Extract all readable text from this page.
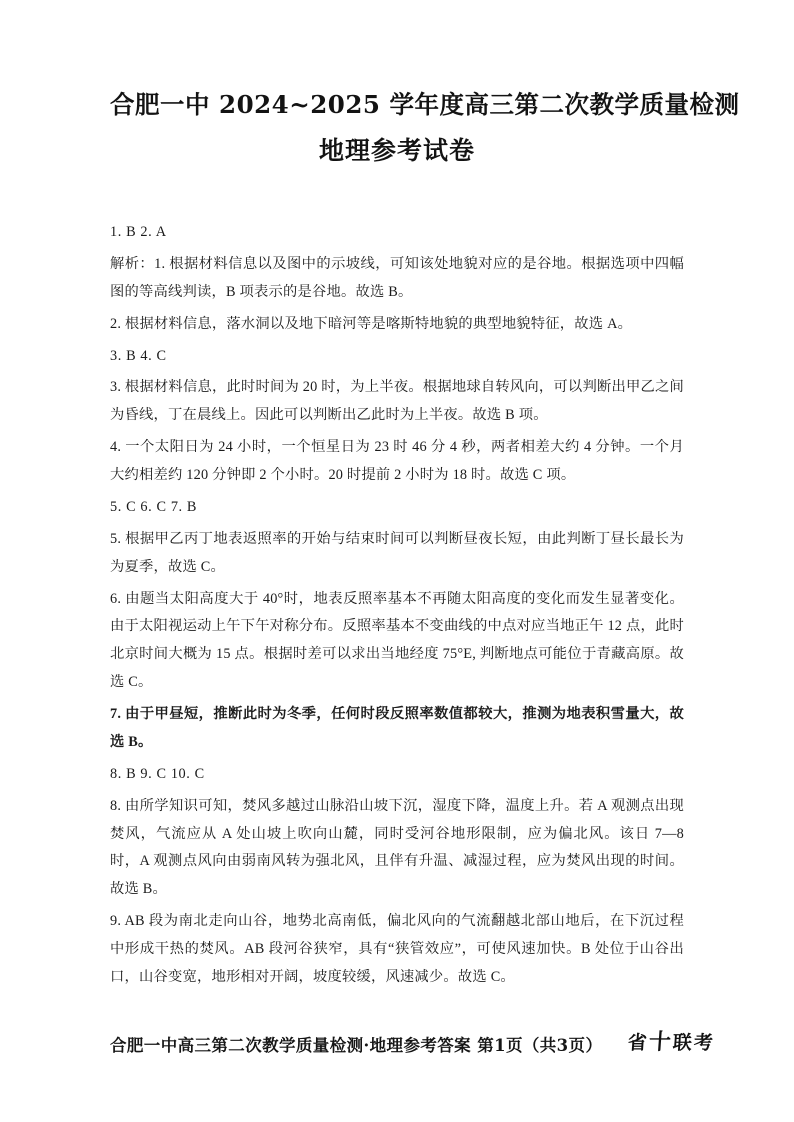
合肥一中 2024~2025 学年度高三第二次教学质量检测
地理参考试卷

1. B 2. A

解析：1. 根据材料信息以及图中的示坡线，可知该处地貌对应的是谷地。根据选项中四幅图的等高线判读，B 项表示的是谷地。故选 B。

2. 根据材料信息，落水洞以及地下暗河等是喀斯特地貌的典型地貌特征，故选 A。

3. B 4. C

3. 根据材料信息，此时时间为 20 时，为上半夜。根据地球自转风向，可以判断出甲乙之间为昏线，丁在晨线上。因此可以判断出乙此时为上半夜。故选 B 项。

4. 一个太阳日为 24 小时，一个恒星日为 23 时 46 分 4 秒，两者相差大约 4 分钟。一个月大约相差约 120 分钟即 2 个小时。20 时提前 2 小时为 18 时。故选 C 项。

5. C 6. C 7. B

5. 根据甲乙丙丁地表返照率的开始与结束时间可以判断昼夜长短，由此判断丁昼长最长为为夏季，故选 C。

6. 由题当太阳高度大于 40°时，地表反照率基本不再随太阳高度的变化而发生显著变化。由于太阳视运动上午下午对称分布。反照率基本不变曲线的中点对应当地正午 12 点，此时北京时间大概为 15 点。根据时差可以求出当地经度 75°E, 判断地点可能位于青藏高原。故选 C。

7. 由于甲昼短，推断此时为冬季，任何时段反照率数值都较大，推测为地表积雪量大，故选 B。

8. B 9. C 10. C

8. 由所学知识可知，焚风多越过山脉沿山坡下沉，湿度下降，温度上升。若 A 观测点出现焚风，气流应从 A 处山坡上吹向山麓，同时受河谷地形限制，应为偏北风。该日 7—8 时，A 观测点风向由弱南风转为强北风，且伴有升温、减湿过程，应为焚风出现的时间。故选 B。

9. AB 段为南北走向山谷，地势北高南低，偏北风向的气流翻越北部山地后，在下沉过程中形成干热的焚风。AB 段河谷狭窄，具有“狭管效应”，可使风速加快。B 处位于山谷出口，山谷变宽，地形相对开阔，坡度较缓，风速减少。故选 C。

合肥一中高三第二次教学质量检测·地理参考答案 第1页（共3页） 省十联考
